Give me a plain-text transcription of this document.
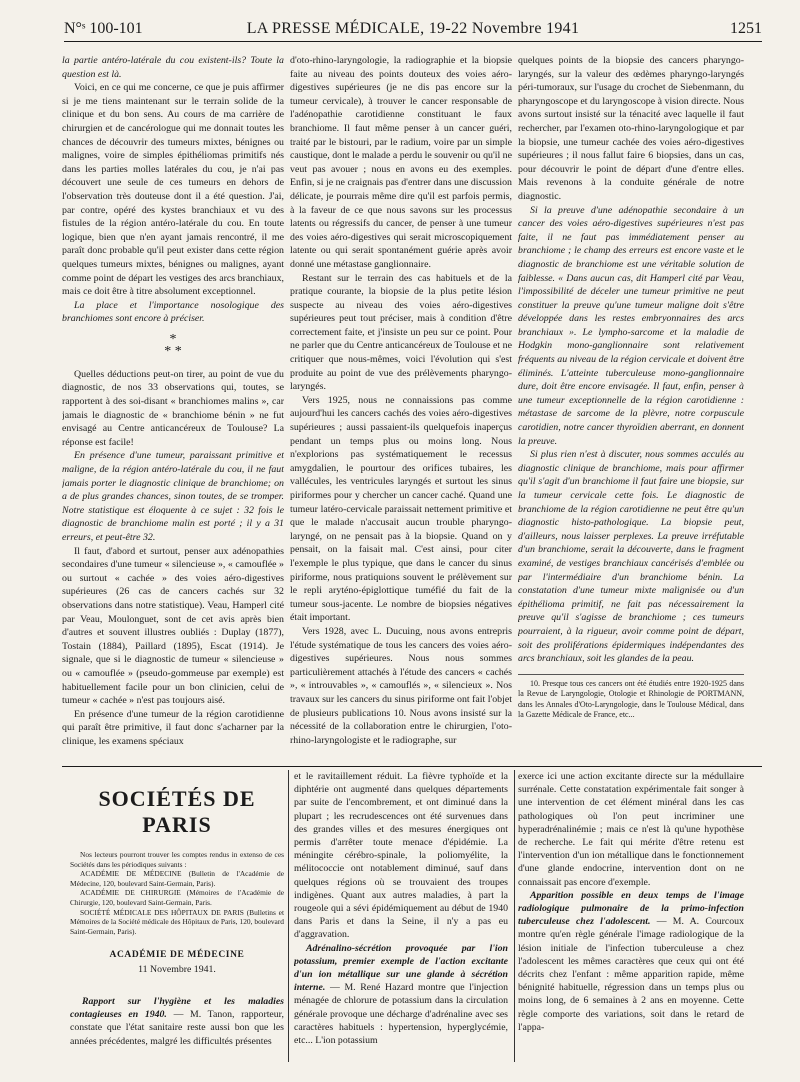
N°ˢ 100-101	LA PRESSE MÉDICALE, 19-22 Novembre 1941	1251

la partie antéro-latérale du cou existent-ils? Toute la question est là.

Voici, en ce qui me concerne, ce que je puis affirmer si je me tiens maintenant sur le terrain solide de la clinique et du bon sens. Au cours de ma carrière de chirurgien et de cancérologue qui me donnait toutes les chances de découvrir des tumeurs mixtes, bénignes ou malignes, voire de simples épithéliomas primitifs nés dans les parties molles latérales du cou, je n'ai pas découvert une seule de ces tumeurs en dehors de l'observation très douteuse dont il a été question. J'ai, par contre, opéré des kystes branchiaux et vu des fistules de la région antéro-latérale du cou. En toute logique, bien que n'en ayant jamais rencontré, il me paraît donc probable qu'il peut exister dans cette région quelques tumeurs mixtes, bénignes ou malignes, ayant comme point de départ les vestiges des arcs branchiaux, mais ce doit être à titre absolument exceptionnel.

La place et l'importance nosologique des branchiomes sont encore à préciser.

*
* *

Quelles déductions peut-on tirer, au point de vue du diagnostic, de nos 33 observations qui, toutes, se rapportent à des soi-disant « branchiomes malins », car jamais le diagnostic de « branchiome bénin » ne fut envisagé au Centre anticancéreux de Toulouse? La réponse est facile!

En présence d'une tumeur, paraissant primitive et maligne, de la région antéro-latérale du cou, il ne faut jamais porter le diagnostic clinique de branchiome; on a de plus grandes chances, sinon toutes, de se tromper. Notre statistique est éloquente à ce sujet : 32 fois le diagnostic de branchiome malin est porté ; il y a 31 erreurs, et peut-être 32.

Il faut, d'abord et surtout, penser aux adénopathies secondaires d'une tumeur « silencieuse », « camouflée » ou surtout « cachée » des voies aéro-digestives supérieures (26 cas de cancers cachés sur 32 observations dans notre statistique). Veau, Hamperl cité par Veau, Moulonguet, sont de cet avis après bien d'autres et souvent illustres oubliés : Duplay (1877), Tostain (1884), Paillard (1895), Escat (1914). Je signale, que si le diagnostic de tumeur « silencieuse » ou « camouflée » (pseudo-gommeuse par exemple) est habituellement facile pour un bon clinicien, celui de tumeur « cachée » n'est pas toujours aisé.

En présence d'une tumeur de la région carotidienne qui paraît être primitive, il faut donc s'acharner par la clinique, les examens spéciaux

d'oto-rhino-laryngologie, la radiographie et la biopsie faite au niveau des points douteux des voies aéro-digestives supérieures (je ne dis pas encore sur la tumeur cervicale), à trouver le cancer responsable de l'adénopathie carotidienne constituant le faux branchiome. Il faut même penser à un cancer guéri, traité par le bistouri, par le radium, voire par un simple caustique, dont le malade a perdu le souvenir ou qu'il ne veut pas avouer ; nous en avons eu des exemples. Enfin, si je ne craignais pas d'entrer dans une discussion délicate, je pourrais même dire qu'il est parfois permis, à la faveur de ce que nous savons sur les processus latents ou régressifs du cancer, de penser à une tumeur des voies aéro-digestives qui serait microscopiquement latente ou qui serait spontanément guérie après avoir donné une métastase ganglionnaire.

Restant sur le terrain des cas habituels et de la pratique courante, la biopsie de la plus petite lésion suspecte au niveau des voies aéro-digestives supérieures peut tout préciser, mais à condition d'être correctement faite, et j'insiste un peu sur ce point. Pour ne parler que du Centre anticancéreux de Toulouse et ne critiquer que nous-mêmes, voici l'évolution qui s'est produite au point de vue des prélèvements pharyngo-laryngés.

Vers 1925, nous ne connaissions pas comme aujourd'hui les cancers cachés des voies aéro-digestives supérieures ; aussi passaient-ils quelquefois inaperçus pendant un temps plus ou moins long. Nous n'explorions pas systématiquement le recessus amygdalien, le pourtour des orifices tubaires, les vallécules, les ventricules laryngés et surtout les sinus piriformes pour y chercher un cancer caché. Quand une tumeur latéro-cervicale paraissait nettement primitive et que le malade n'accusait aucun trouble pharyngo-laryngé, on ne pensait pas à la biopsie. Quand on y pensait, on la faisait mal. C'est ainsi, pour citer l'exemple le plus typique, que dans le cancer du sinus piriforme, nous pratiquions souvent le prélèvement sur le repli aryténo-épiglottique tuméfié du fait de la tumeur sous-jacente. Le nombre de biopsies négatives était important.

Vers 1928, avec L. Ducuing, nous avons entrepris l'étude systématique de tous les cancers des voies aéro-digestives supérieures. Nous nous sommes particulièrement attachés à l'étude des cancers « cachés », « introuvables », « camouflés », « silencieux ». Nos travaux sur les cancers du sinus piriforme ont fait l'objet de plusieurs publications 10. Nous avons insisté sur la nécessité de la collaboration entre le chirurgien, l'oto-rhino-laryngologiste et le radiographe, sur

quelques points de la biopsie des cancers pharyngo-laryngés, sur la valeur des œdèmes pharyngo-laryngés péri-tumoraux, sur l'usage du crochet de Siebenmann, du pharyngoscope et du laryngoscope à vision directe. Nous avons surtout insisté sur la ténacité avec laquelle il faut rechercher, par l'examen oto-rhino-laryngologique et par la biopsie, une tumeur cachée des voies aéro-digestives supérieures ; il nous fallut faire 6 biopsies, dans un cas, pour découvrir le point de départ d'une d'entre elles. Mais revenons à la conduite générale de notre diagnostic.

Si la preuve d'une adénopathie secondaire à un cancer des voies aéro-digestives supérieures n'est pas faite, il ne faut pas immédiatement penser au branchiome ; le champ des erreurs est encore vaste et le diagnostic de branchiome est une véritable solution de faiblesse. « Dans aucun cas, dit Hamperl cité par Veau, l'impossibilité de déceler une tumeur primitive ne peut constituer la preuve qu'une tumeur maligne doit s'être développée dans les restes embryonnaires des arcs branchiaux ». Le lympho-sarcome et la maladie de Hodgkin mono-ganglionnaire sont relativement fréquents au niveau de la région cervicale et doivent être éliminés. L'atteinte tuberculeuse mono-ganglionnaire dure, doit être encore envisagée. Il faut, enfin, penser à une tumeur exceptionnelle de la région carotidienne : métastase de sarcome de la plèvre, notre corpuscule carotidien, notre cancer thyroïdien aberrant, en donnent la preuve.

Si plus rien n'est à discuter, nous sommes acculés au diagnostic clinique de branchiome, mais pour affirmer qu'il s'agit d'un branchiome il faut faire une biopsie, sur la tumeur cervicale cette fois. Le diagnostic de branchiome de la région carotidienne ne peut être qu'un diagnostic histo-pathologique. La biopsie peut, d'ailleurs, nous laisser perplexes. La preuve irréfutable d'un branchiome, serait la découverte, dans le fragment examiné, de vestiges branchiaux cancérisés d'emblée ou par l'intermédiaire d'un branchiome bénin. La constatation d'une tumeur mixte malignisée ou d'un épithélioma primitif, ne fait pas nécessairement la preuve qu'il s'agisse de branchiome ; ces tumeurs pourraient, à la rigueur, avoir comme point de départ, soit des proliférations épidermiques indépendantes des arcs branchiaux, soit les glandes de la peau.

10. Presque tous ces cancers ont été étudiés entre 1920-1925 dans la Revue de Laryngologie, Otologie et Rhinologie de PORTMANN, dans les Annales d'Oto-Laryngologie, dans le Toulouse Médical, dans la Gazette Médicale de France, etc...

SOCIÉTÉS DE PARIS

Nos lecteurs pourront trouver les comptes rendus in extenso de ces Sociétés dans les périodiques suivants :

ACADÉMIE DE MÉDECINE (Bulletin de l'Académie de Médecine, 120, boulevard Saint-Germain, Paris).

ACADÉMIE DE CHIRURGIE (Mémoires de l'Académie de Chirurgie, 120, boulevard Saint-Germain, Paris.

SOCIÉTÉ MÉDICALE DES HÔPITAUX DE PARIS (Bulletins et Mémoires de la Société médicale des Hôpitaux de Paris, 120, boulevard Saint-Germain, Paris).

ACADÉMIE DE MÉDECINE
11 Novembre 1941.

Rapport sur l'hygiène et les maladies contagieuses en 1940. — M. Tanon, rapporteur, constate que l'état sanitaire reste aussi bon que les années précédentes, malgré les difficultés présentes

et le ravitaillement réduit. La fièvre typhoïde et la diphtérie ont augmenté dans quelques départements par suite de l'encombrement, et ont diminué dans la plupart ; les recrudescences ont été survenues dans des grandes villes et des mesures énergiques ont permis d'arrêter toute menace d'épidémie. La méningite cérébro-spinale, la poliomyélite, la mélitococcie ont notablement diminué, sauf dans quelques régions où se trouvaient des troupes indigènes. Quant aux autres maladies, à part la rougeole qui a sévi épidémiquement au début de 1940 dans Paris et dans la Seine, il n'y a pas eu d'aggravation.

Adrénalino-sécrétion provoquée par l'ion potassium, premier exemple de l'action excitante d'un ion métallique sur une glande à sécrétion interne. — M. René Hazard montre que l'injection ménagée de chlorure de potassium dans la circulation générale provoque une décharge d'adrénaline avec ses caractères habituels : hypertension, hyperglycémie, etc... L'ion potassium

exerce ici une action excitante directe sur la médullaire surrénale. Cette constatation expérimentale fait songer à une intervention de cet élément minéral dans les cas pathologiques où l'on peut incriminer une hyperadrénalinémie ; mais ce n'est là qu'une hypothèse de recherche. Le fait qui mérite d'être retenu est l'intervention d'un ion métallique dans le fonctionnement d'une glande endocrine, intervention dont on ne connaissait pas encore d'exemple.

Apparition possible en deux temps de l'image radiologique pulmonaire de la primo-infection tuberculeuse chez l'adolescent. — M. A. Courcoux montre qu'en règle générale l'image radiologique de la lésion initiale de l'infection tuberculeuse a chez l'adolescent les mêmes caractères que ceux qui ont été décrits chez l'enfant : même apparition rapide, même bénignité habituelle, régression dans un temps plus ou moins long, de 6 semaines à 2 ans en moyenne. Cette règle comporte des variations, soit dans le retard de l'appa-
